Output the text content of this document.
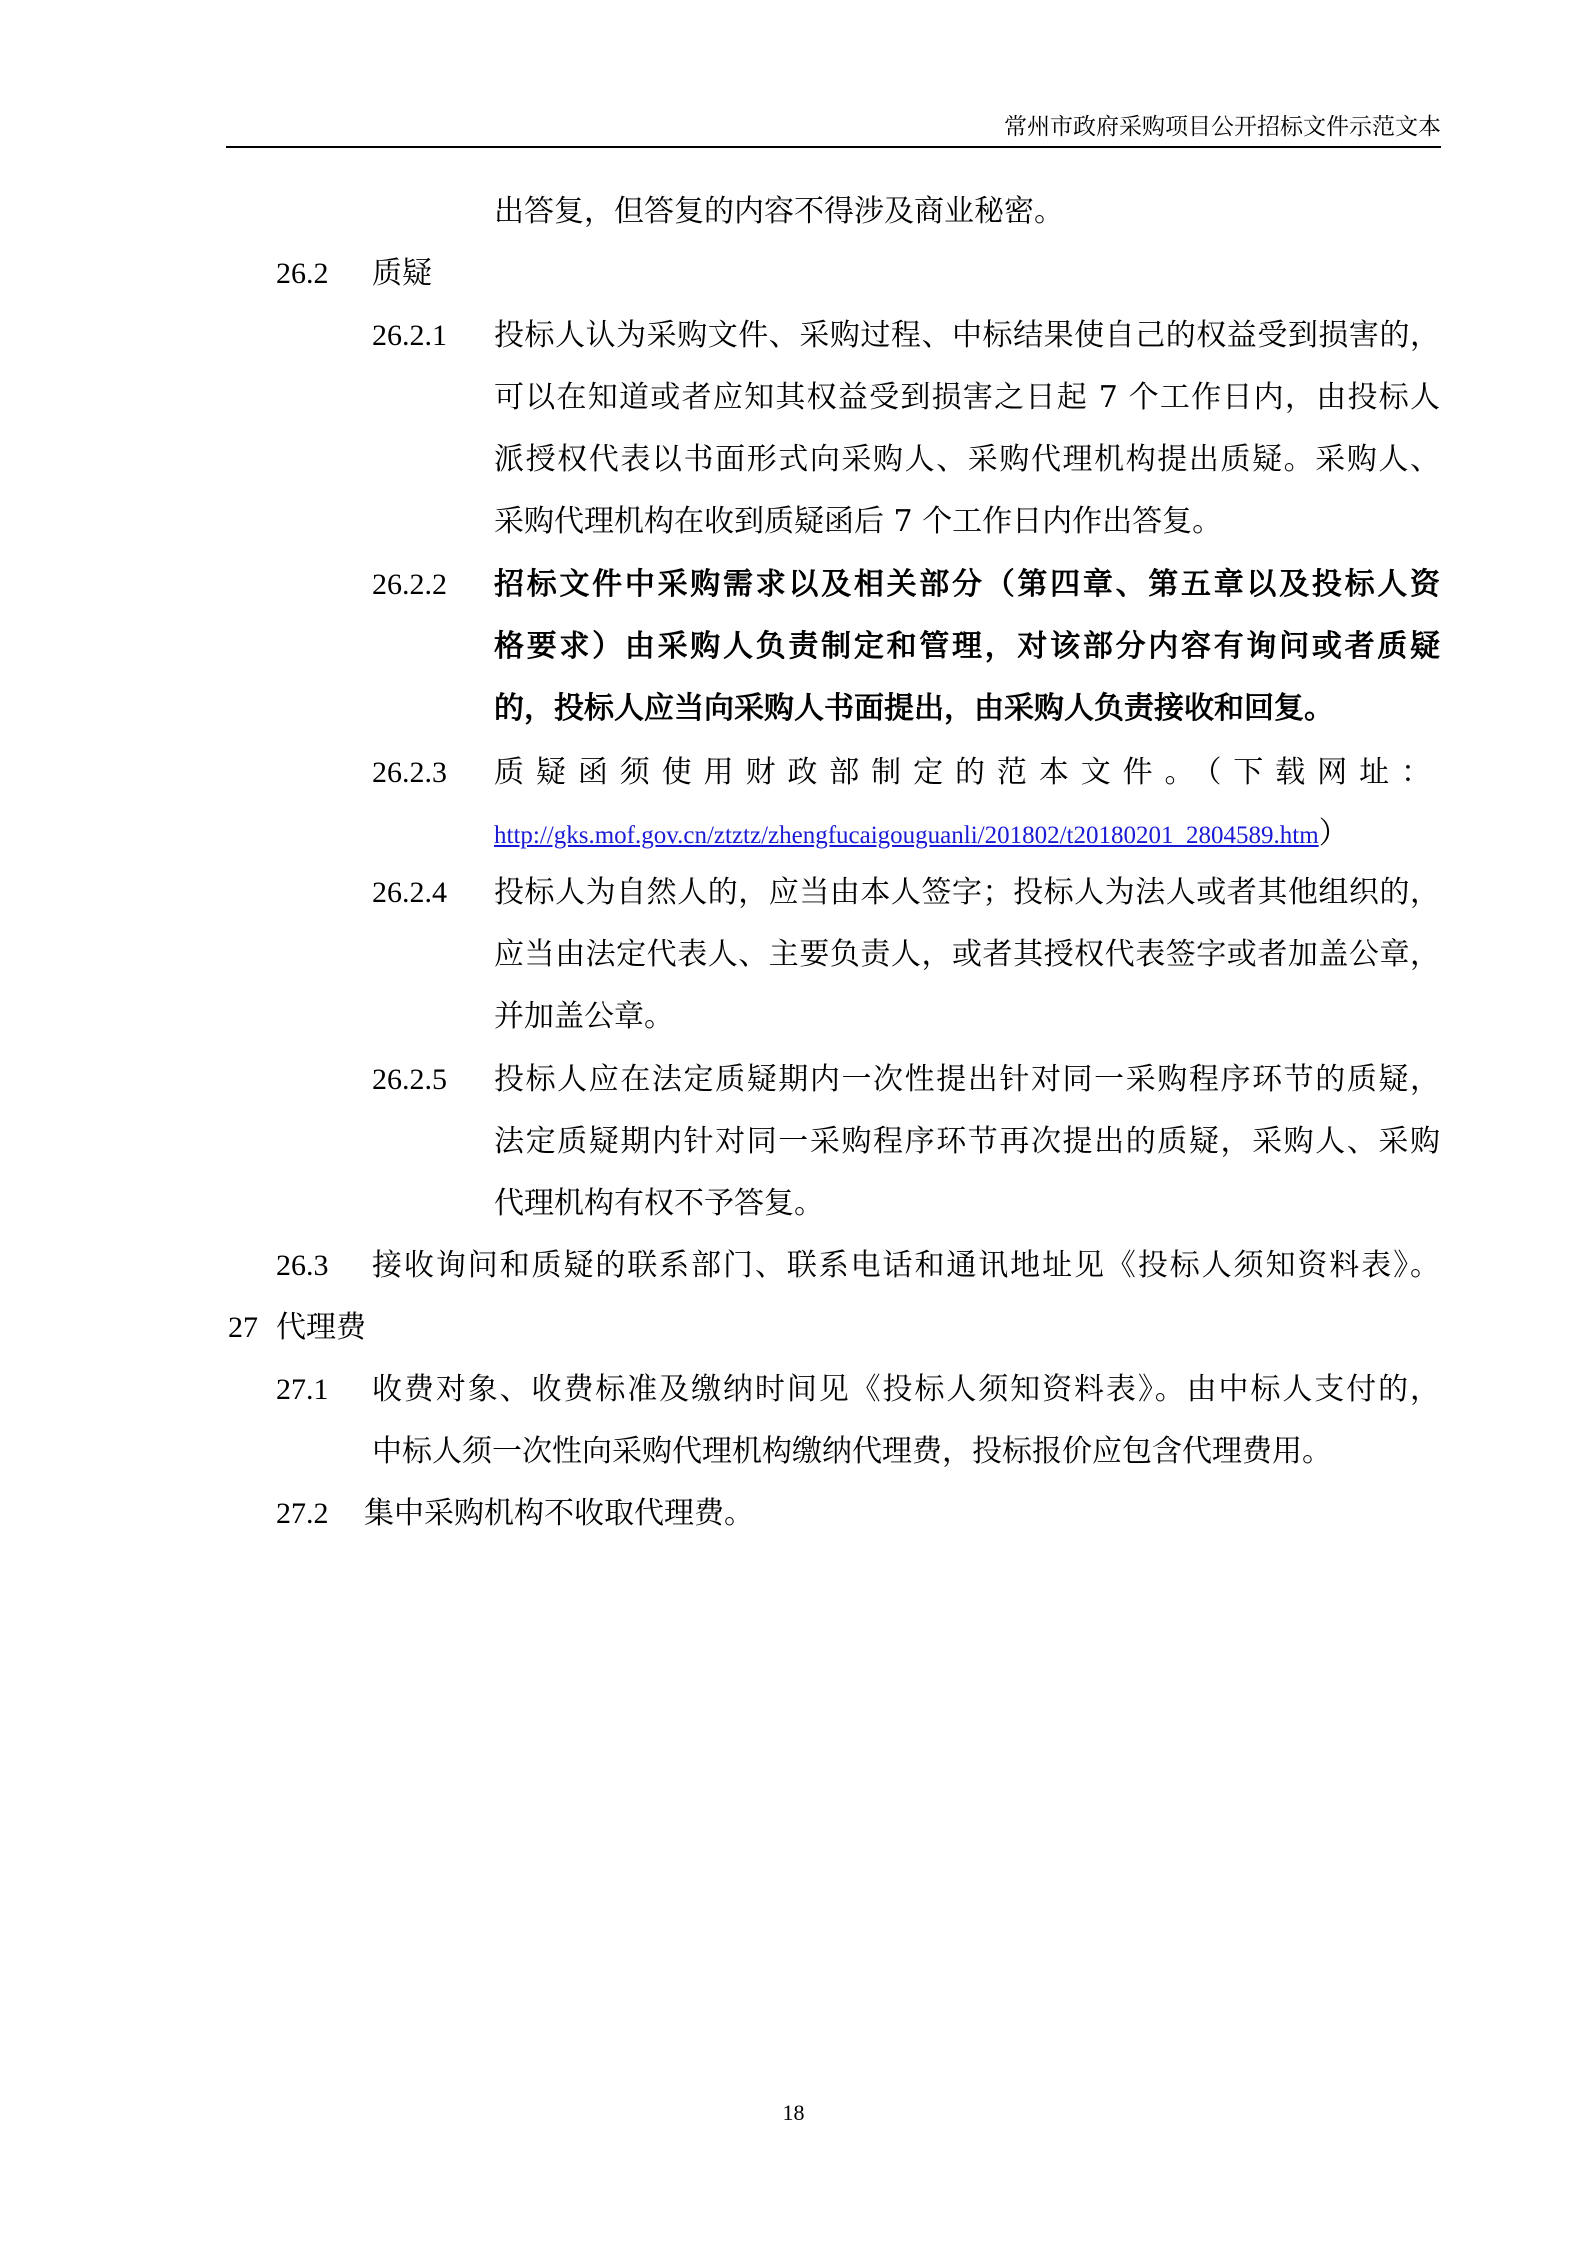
常州市政府采购项目公开招标文件示范文本
出答复，但答复的内容不得涉及商业秘密。
26.2 质疑
26.2.1 投标人认为采购文件、采购过程、中标结果使自己的权益受到损害的，
可以在知道或者应知其权益受到损害之日起 7 个工作日内，由投标人
派授权代表以书面形式向采购人、采购代理机构提出质疑。采购人、
采购代理机构在收到质疑函后 7 个工作日内作出答复。
26.2.2 招标文件中采购需求以及相关部分（第四章、第五章以及投标人资
格要求）由采购人负责制定和管理，对该部分内容有询问或者质疑
的，投标人应当向采购人书面提出，由采购人负责接收和回复。
26.2.3 质疑函须使用财政部制定的范本文件。（下载网址：
http://gks.mof.gov.cn/ztztz/zhengfucaigouguanli/201802/t20180201_2804589.htm）
26.2.4 投标人为自然人的，应当由本人签字；投标人为法人或者其他组织的，
应当由法定代表人、主要负责人，或者其授权代表签字或者加盖公章，
并加盖公章。
26.2.5 投标人应在法定质疑期内一次性提出针对同一采购程序环节的质疑，
法定质疑期内针对同一采购程序环节再次提出的质疑，采购人、采购
代理机构有权不予答复。
26.3 接收询问和质疑的联系部门、联系电话和通讯地址见《投标人须知资料表》。
27 代理费
27.1 收费对象、收费标准及缴纳时间见《投标人须知资料表》。由中标人支付的，
中标人须一次性向采购代理机构缴纳代理费，投标报价应包含代理费用。
27.2 集中采购机构不收取代理费。
18
